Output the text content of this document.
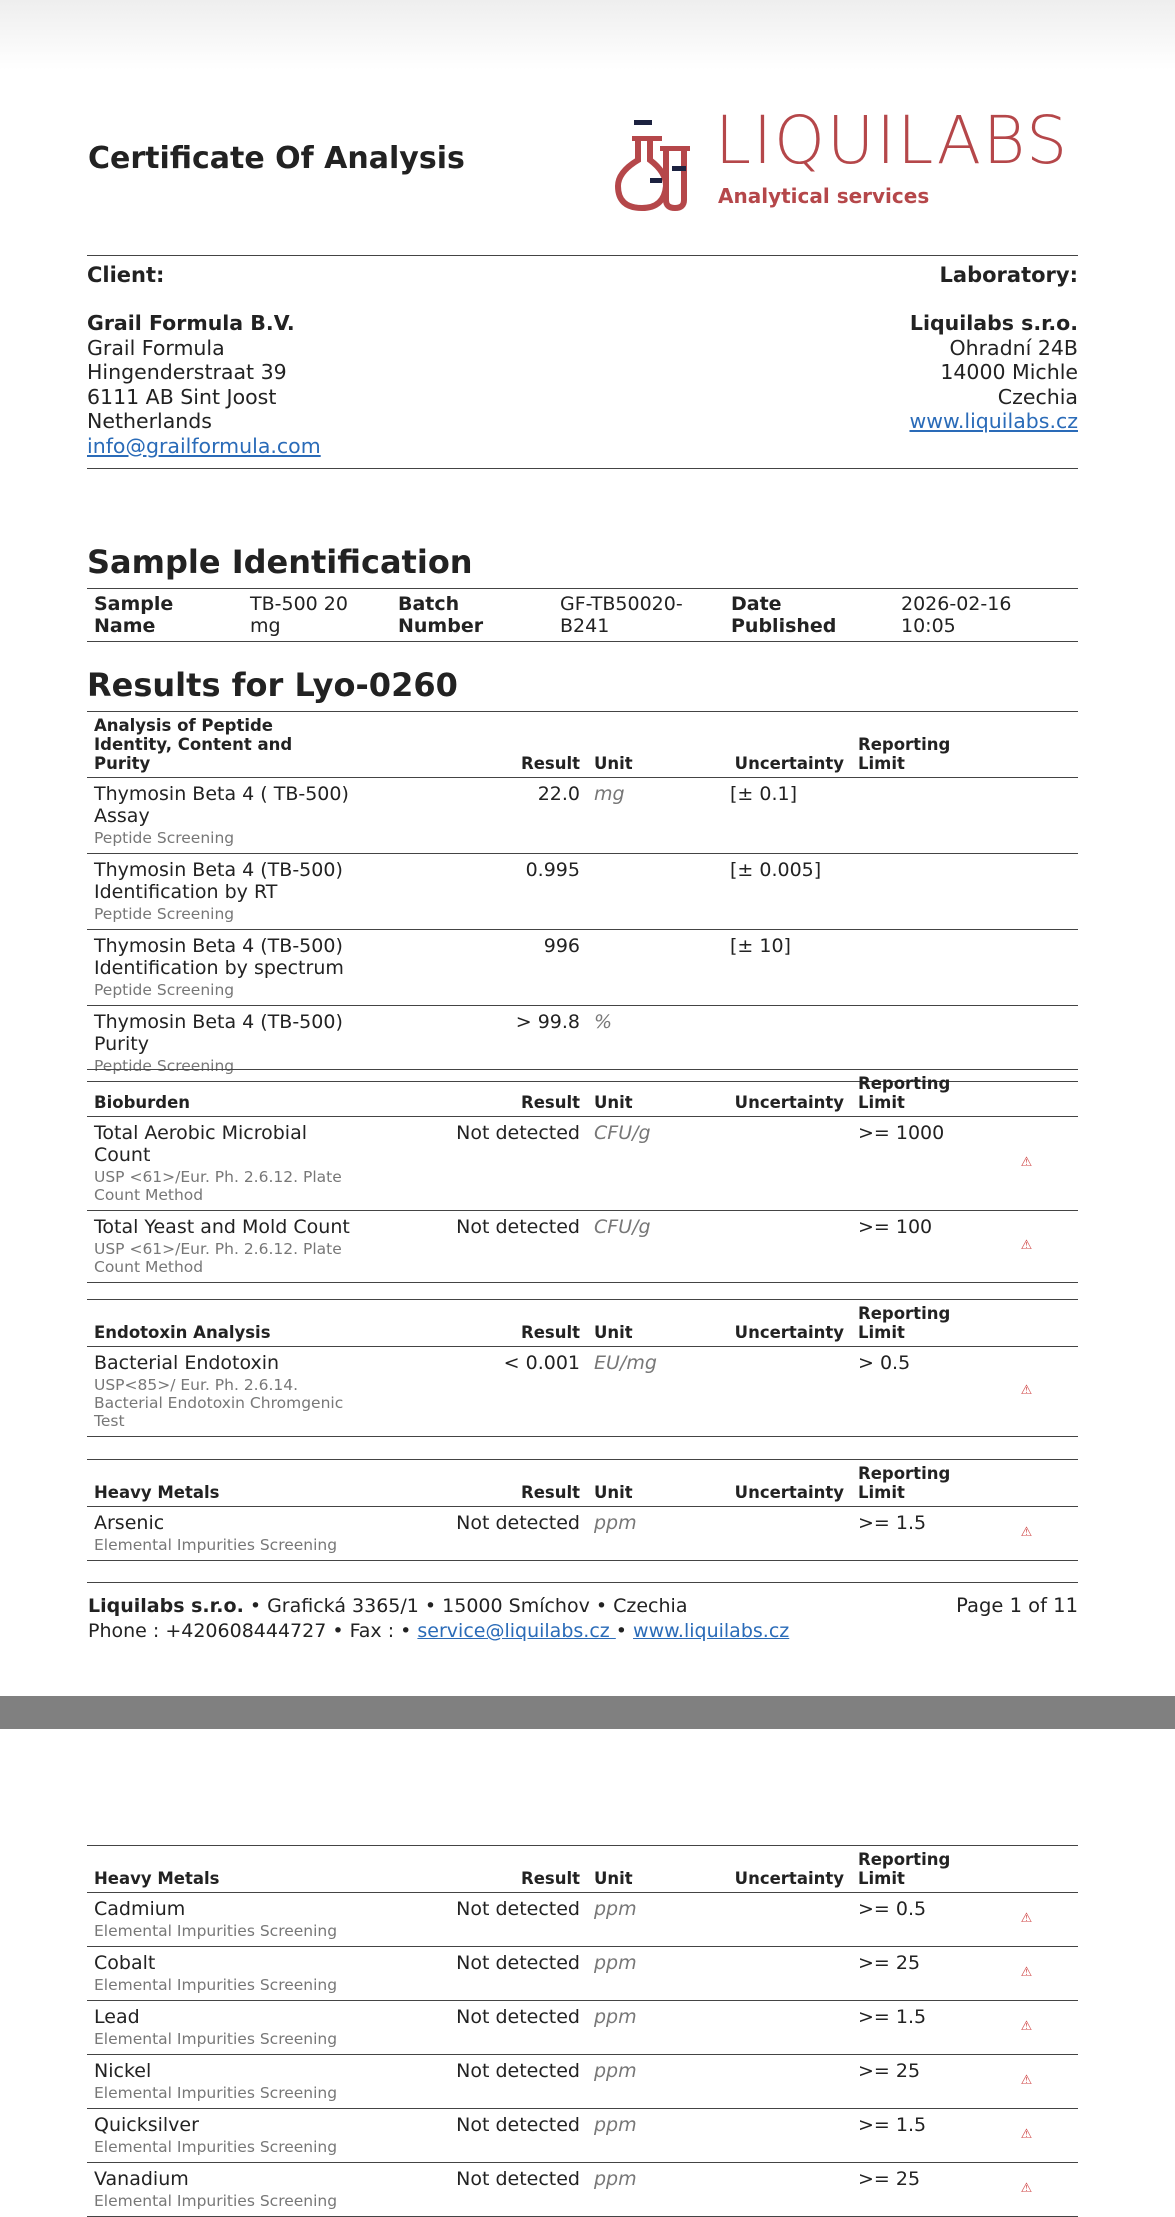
Certificate Of Analysis	LIQUILABS
Analytical services
Client:	Laboratory:
Grail Formula B.V.
Grail Formula
Hingenderstraat 39
6111 AB Sint Joost
Netherlands
info@grailformula.com
Liquilabs s.r.o.
Ohradní 24B
14000 Michle
Czechia
www.liquilabs.cz
Sample Identification
Sample Name	TB-500 20 mg	Batch Number	GF-TB50020-B241	Date Published	2026-02-16 10:05
Results for Lyo-0260
Analysis of Peptide Identity, Content and Purity	Result	Unit	Uncertainty	Reporting Limit	
Thymosin Beta 4 ( TB-500) Assay
Peptide Screening	22.0	mg	[± 0.1]		
Thymosin Beta 4 (TB-500) Identification by RT
Peptide Screening	0.995		[± 0.005]		
Thymosin Beta 4 (TB-500) Identification by spectrum
Peptide Screening	996		[± 10]		
Thymosin Beta 4 (TB-500) Purity
Peptide Screening	> 99.8	%			
Bioburden	Result	Unit	Uncertainty	Reporting Limit	
Total Aerobic Microbial Count
USP <61>/Eur. Ph. 2.6.12. Plate Count Method	Not detected	CFU/g		>= 1000	⚠
Total Yeast and Mold Count
USP <61>/Eur. Ph. 2.6.12. Plate Count Method	Not detected	CFU/g		>= 100	⚠
Endotoxin Analysis	Result	Unit	Uncertainty	Reporting Limit	
Bacterial Endotoxin
USP<85>/ Eur. Ph. 2.6.14. Bacterial Endotoxin Chromgenic Test	< 0.001	EU/mg		> 0.5	⚠
Heavy Metals	Result	Unit	Uncertainty	Reporting Limit	
Arsenic
Elemental Impurities Screening	Not detected	ppm		>= 1.5	⚠
Liquilabs s.r.o. • Grafická 3365/1 • 15000 Smíchov • Czechia
Phone : +420608444727 • Fax : • service@liquilabs.cz • www.liquilabs.cz
Page 1 of 11
Heavy Metals	Result	Unit	Uncertainty	Reporting Limit	
Cadmium
Elemental Impurities Screening	Not detected	ppm		>= 0.5	⚠
Cobalt
Elemental Impurities Screening	Not detected	ppm		>= 25	⚠
Lead
Elemental Impurities Screening	Not detected	ppm		>= 1.5	⚠
Nickel
Elemental Impurities Screening	Not detected	ppm		>= 25	⚠
Quicksilver
Elemental Impurities Screening	Not detected	ppm		>= 1.5	⚠
Vanadium
Elemental Impurities Screening	Not detected	ppm		>= 25	⚠
